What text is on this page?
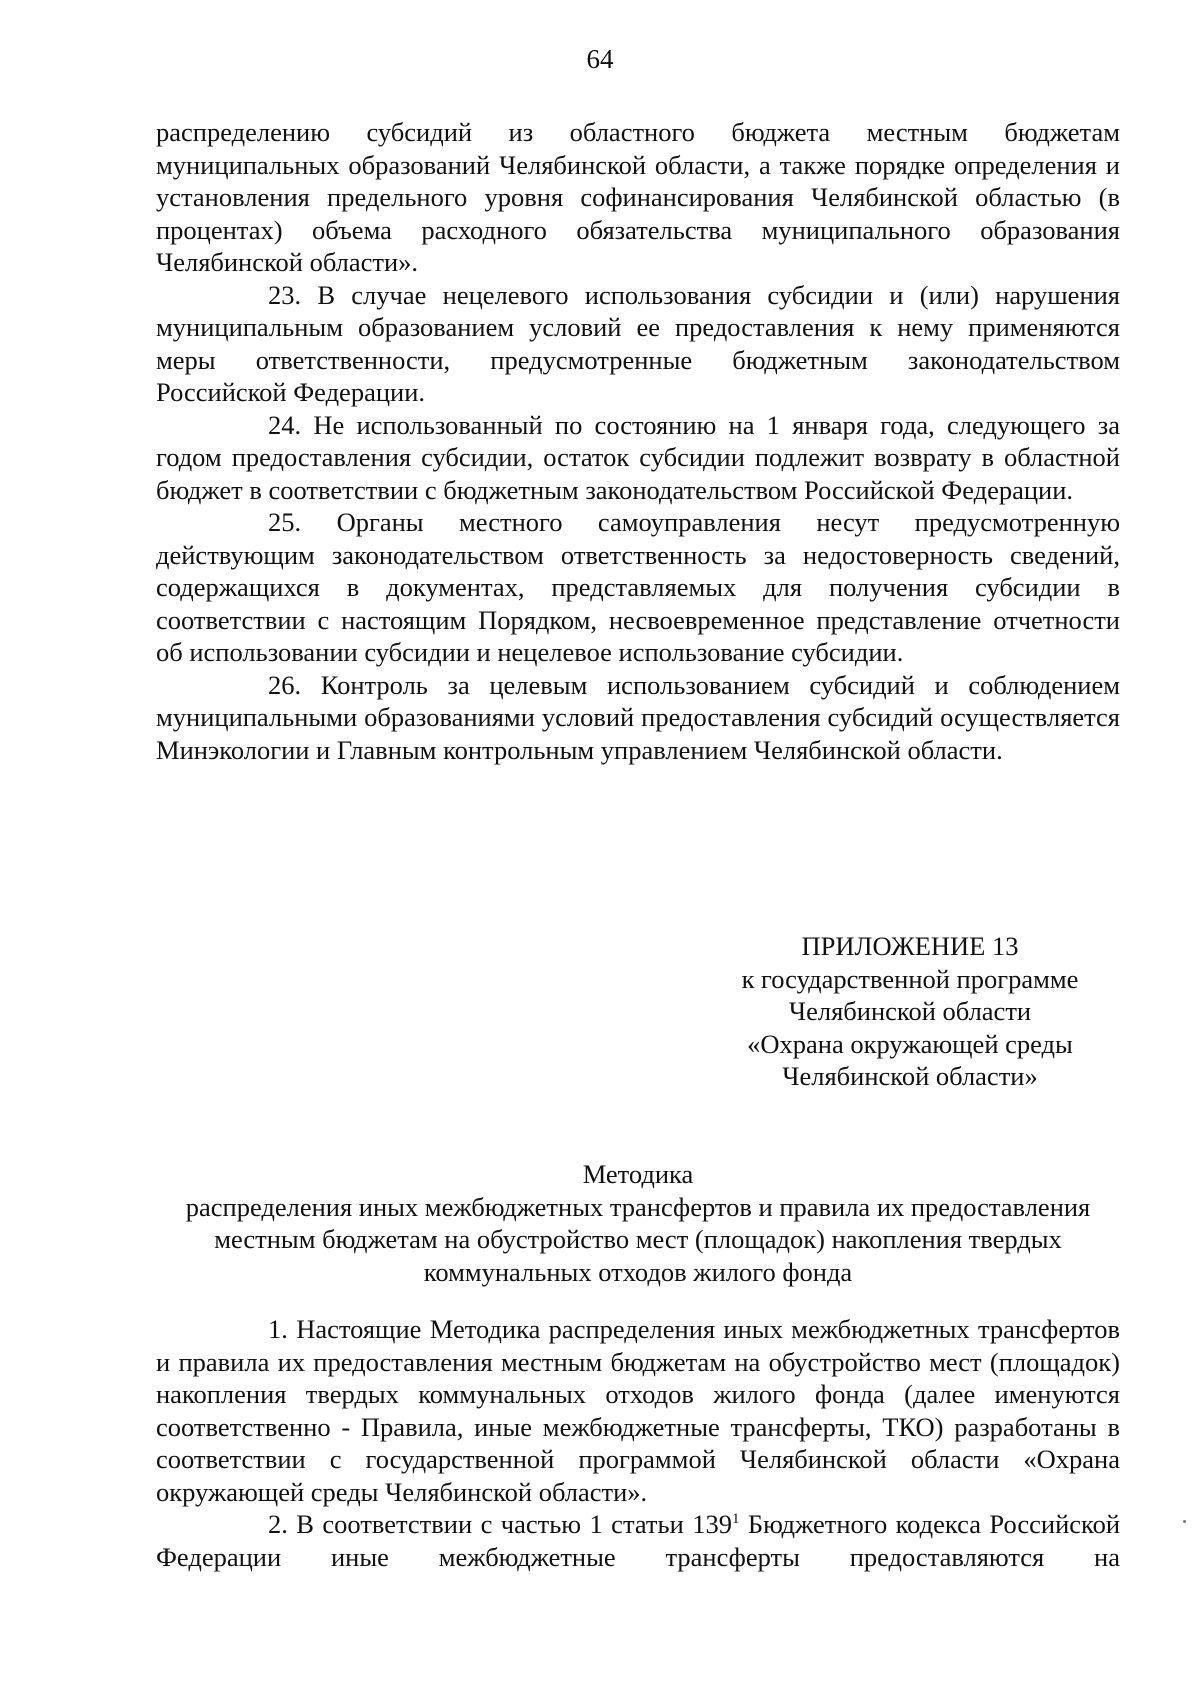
64

распределению субсидий из областного бюджета местным бюджетам муниципальных образований Челябинской области, а также порядке определения и установления предельного уровня софинансирования Челябинской областью (в процентах) объема расходного обязательства муниципального образования Челябинской области».

23. В случае нецелевого использования субсидии и (или) нарушения муниципальным образованием условий ее предоставления к нему применяются меры ответственности, предусмотренные бюджетным законодательством Российской Федерации.

24. Не использованный по состоянию на 1 января года, следующего за годом предоставления субсидии, остаток субсидии подлежит возврату в областной бюджет в соответствии с бюджетным законодательством Российской Федерации.

25. Органы местного самоуправления несут предусмотренную действующим законодательством ответственность за недостоверность сведений, содержащихся в документах, представляемых для получения субсидии в соответствии с настоящим Порядком, несвоевременное представление отчетности об использовании субсидии и нецелевое использование субсидии.

26. Контроль за целевым использованием субсидий и соблюдением муниципальными образованиями условий предоставления субсидий осуществляется Минэкологии и Главным контрольным управлением Челябинской области.

ПРИЛОЖЕНИЕ 13
к государственной программе
Челябинской области
«Охрана окружающей среды
Челябинской области»
Методика
распределения иных межбюджетных трансфертов и правила их предоставления
местным бюджетам на обустройство мест (площадок) накопления твердых
коммунальных отходов жилого фонда

1. Настоящие Методика распределения иных межбюджетных трансфертов и правила их предоставления местным бюджетам на обустройство мест (площадок) накопления твердых коммунальных отходов жилого фонда (далее именуются соответственно - Правила, иные межбюджетные трансферты, ТКО) разработаны в соответствии с государственной программой Челябинской области «Охрана окружающей среды Челябинской области».

2. В соответствии с частью 1 статьи $139^1$ Бюджетного кодекса Российской Федерации иные межбюджетные трансферты предоставляются на
